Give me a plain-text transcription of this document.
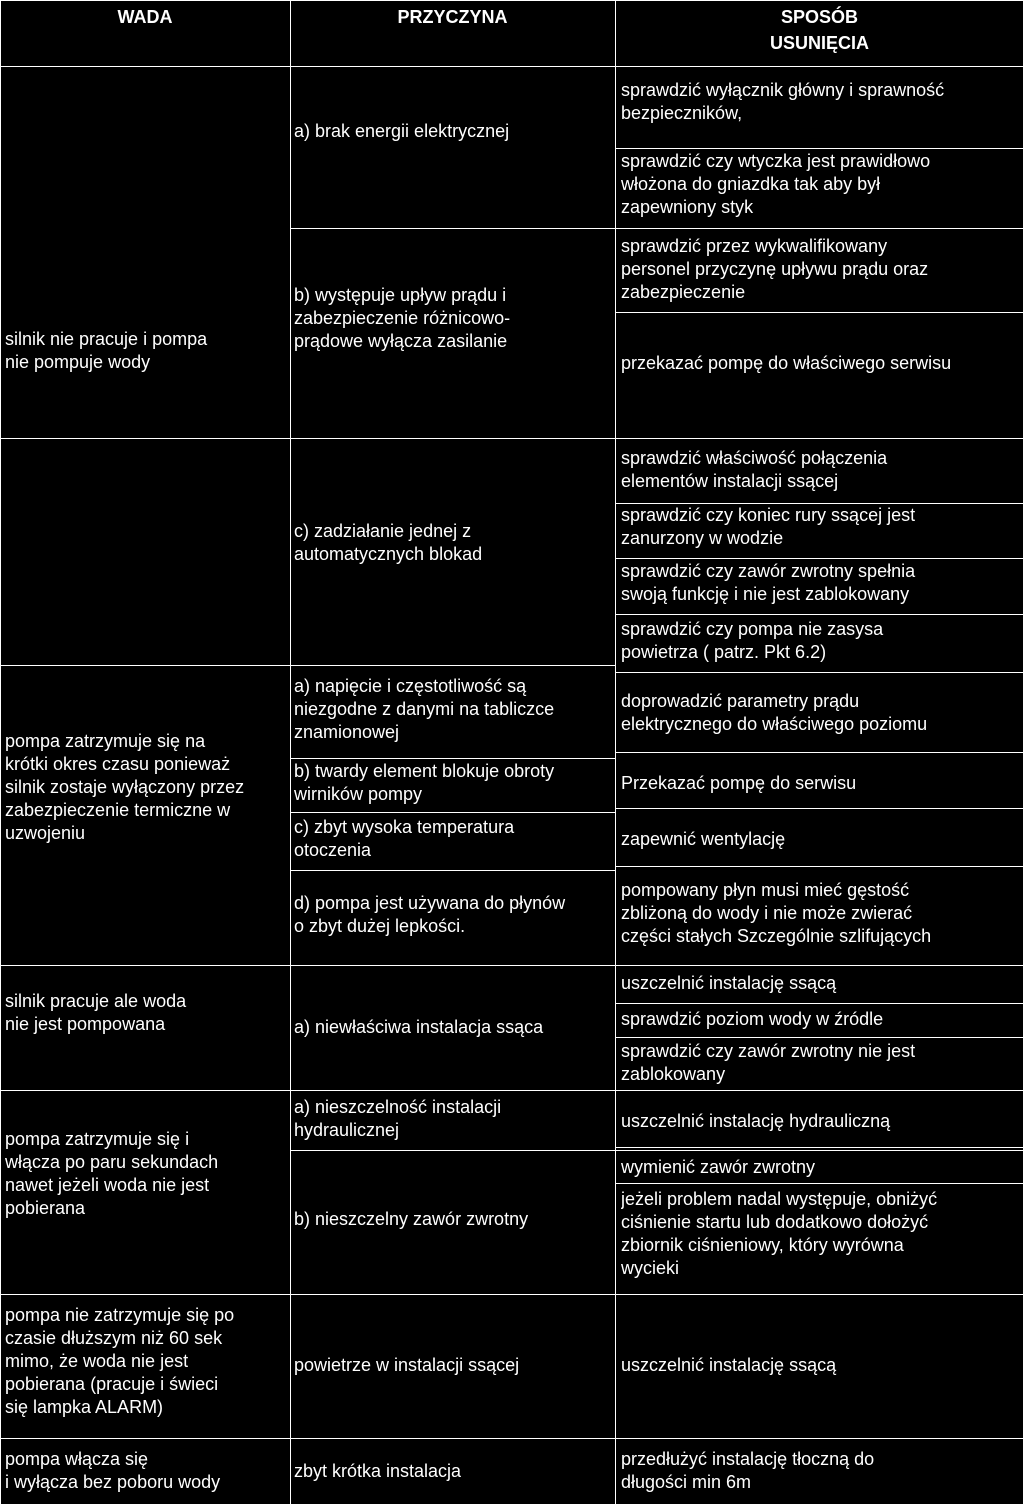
WADA	PRZYCZYNA	SPOSÓB
USUNIĘCIA
silnik nie pracuje i pompa
nie pompuje wody
pompa zatrzymuje się na
krótki okres czasu ponieważ
silnik zostaje wyłączony przez
zabezpieczenie termiczne w
uzwojeniu
silnik pracuje ale woda
nie jest pompowana
pompa zatrzymuje się i
włącza po paru sekundach
nawet jeżeli woda nie jest
pobierana
pompa nie zatrzymuje się po
czasie dłuższym niż 60 sek
mimo, że woda nie jest
pobierana (pracuje i świeci
się lampka ALARM)
pompa włącza się
i wyłącza bez poboru wody
a) brak energii elektrycznej
b) występuje upływ prądu i
zabezpieczenie różnicowo-
prądowe wyłącza zasilanie
c) zadziałanie jednej z
automatycznych blokad
a) napięcie i częstotliwość są
niezgodne z danymi na tabliczce
znamionowej
b) twardy element blokuje obroty
wirników pompy
c) zbyt wysoka temperatura
otoczenia
d) pompa jest używana do płynów
o zbyt dużej lepkości.
a) niewłaściwa instalacja ssąca
a) nieszczelność instalacji
hydraulicznej
b) nieszczelny zawór zwrotny
powietrze w instalacji ssącej
zbyt krótka instalacja
sprawdzić wyłącznik główny i sprawność
bezpieczników,
sprawdzić czy wtyczka jest prawidłowo
włożona do gniazdka tak aby był
zapewniony styk
sprawdzić przez wykwalifikowany
personel przyczynę upływu prądu oraz
zabezpieczenie
przekazać pompę do właściwego serwisu
sprawdzić właściwość połączenia
elementów instalacji ssącej
sprawdzić czy koniec rury ssącej jest
zanurzony w wodzie
sprawdzić czy zawór zwrotny spełnia
swoją funkcję i nie jest zablokowany
sprawdzić czy pompa nie zasysa
powietrza ( patrz. Pkt 6.2)
doprowadzić parametry prądu
elektrycznego do właściwego poziomu
Przekazać pompę do serwisu
zapewnić wentylację
pompowany płyn musi mieć gęstość
zbliżoną do wody i nie może zwierać
części stałych Szczególnie szlifujących
uszczelnić instalację ssącą
sprawdzić poziom wody w źródle
sprawdzić czy zawór zwrotny nie jest
zablokowany
uszczelnić instalację hydrauliczną
wymienić zawór zwrotny
jeżeli problem nadal występuje, obniżyć
ciśnienie startu lub dodatkowo dołożyć
zbiornik ciśnieniowy, który wyrówna
wycieki
uszczelnić instalację ssącą
przedłużyć instalację tłoczną do
długości min 6m
